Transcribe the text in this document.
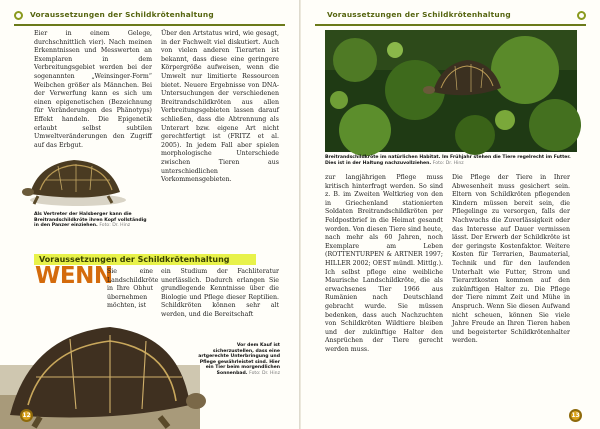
Voraussetzungen der Schildkrötenhaltung

Eier in einem Gelege, durchschnittlich vier). Nach meinen Erkenntnissen und Messwerten an Exemplaren in dem Verbreitungsgebiet werden bei der sogenannten „Weinsinger-Form“ Weibchen größer als Männchen. Bei der Verwerfung kann es sich um einen epigenetischen (Bezeichnung für Veränderungen des Phänotyps) Effekt handeln. Die Epigenetik erlaubt selbst subtilen Umweltveränderungen den Zugriff auf das Erbgut.

Über den Artstatus wird, wie gesagt, in der Fachwelt viel diskutiert. Auch von vielen anderen Tierarten ist bekannt, dass diese eine geringere Körpergröße aufweisen, wenn die Umwelt nur limitierte Ressourcen bietet. Neuere Ergebnisse von DNA-Untersuchungen der verschiedenen Breitrandschildkröten aus allen Verbreitungsgebieten lassen darauf schließen, dass die Abtrennung als Unterart bzw. eigene Art nicht gerechtfertigt ist (FRITZ et al. 2005). In jedem Fall aber spielen morphologische Unterschiede zwischen Tieren aus unterschiedlichen Vorkommensgebieten.

Als Vertreter der Halsberger kann die Breitrandschildkröte ihren Kopf vollständig in den Panzer einziehen. Foto: Dr. Hinz
Voraussetzungen der Schildkrötenhaltung
WENN

Sie eine Landschildkröte in Ihre Obhut übernehmen möchten, ist

ein Studium der Fachliteratur unerlässlich. Dadurch erlangen Sie grundlegende Kenntnisse über die Biologie und Pflege dieser Reptilien. Schildkröten können sehr alt werden, und die Bereitschaft

Vor dem Kauf ist sicherzustellen, dass eine artgerechte Unterbringung und Pflege gewährleistet sind. Hier ein Tier beim morgendlichen Sonnenbad. Foto: Dr. Hinz
12
Voraussetzungen der Schildkrötenhaltung
Breitrandschildkröte im natürlichen Habitat. Im Frühjahr stehen die Tiere regelrecht im Futter. Dies ist in der Haltung nachzuvollziehen. Foto: Dr. Hinz

zur langjährigen Pflege muss kritisch hinterfragt werden. So sind z. B. im Zweiten Weltkrieg von den in Griechenland stationierten Soldaten Breitrandschildkröten per Feldpostbrief in die Heimat gesandt worden. Von diesen Tiere sind heute, nach mehr als 60 Jahren, noch Exemplare am Leben (ROTTENTURPEN & ARTNER 1997; HILLER 2002; OEST mündl. Mittlg.). Ich selbst pflege eine weibliche Maurische Landschildkröte, die als erwachsenes Tier 1966 aus Rumänien nach Deutschland gebracht wurde. Sie müssen bedenken, dass auch Nachzuchten von Schildkröten Wildtiere bleiben und der zukünftige Halter den Ansprüchen der Tiere gerecht werden muss.

Die Pflege der Tiere in Ihrer Abwesenheit muss gesichert sein. Eltern von Schildkröten pflegenden Kindern müssen bereit sein, die Pflegelinge zu versorgen, falls der Nachwuchs die Zuverlässigkeit oder das Interesse auf Dauer vermissen lässt. Der Erwerb der Schildkröte ist der geringste Kostenfaktor. Weitere Kosten für Terrarien, Baumaterial, Technik und für den laufenden Unterhalt wie Futter, Strom und Tierarztkosten kommen auf den zukünftigen Halter zu. Die Pflege der Tiere nimmt Zeit und Mühe in Anspruch. Wenn Sie diesen Aufwand nicht scheuen, können Sie viele Jahre Freude an Ihren Tieren haben und begeisterter Schildkrötenhalter werden.

13
